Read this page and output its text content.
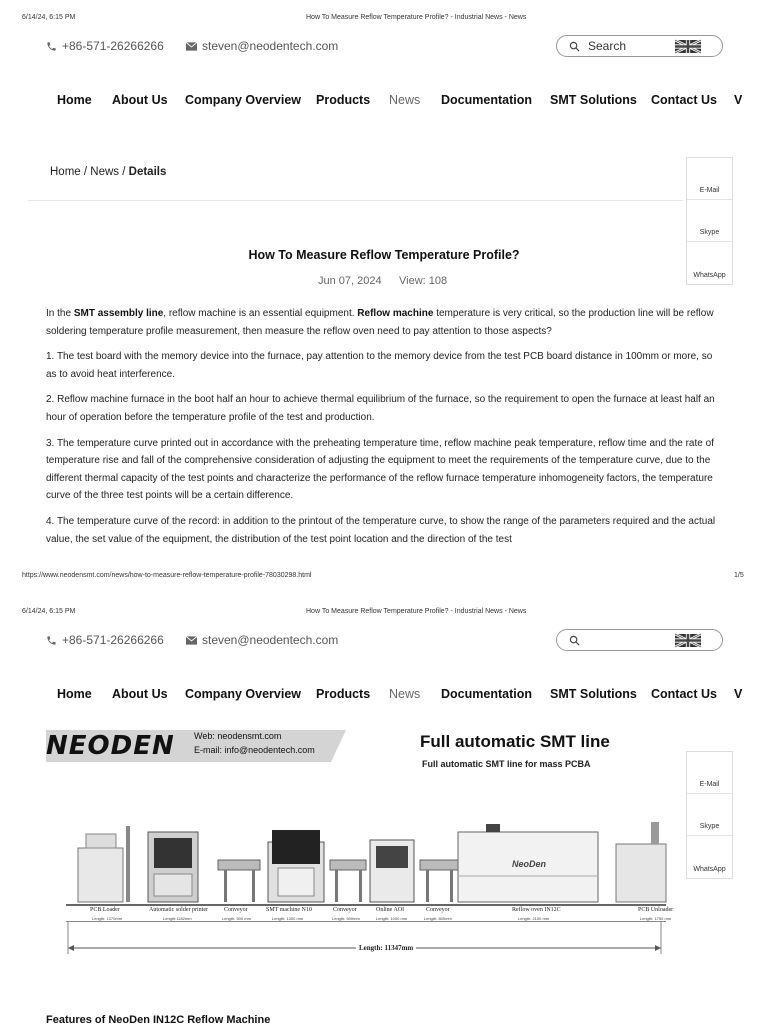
6/14/24, 6:15 PM	How To Measure Reflow Temperature Profile? - Industrial News - News
+86-571-26266266	steven@neodentech.com	Search
Home About Us Company Overview Products News Documentation SMT Solutions Contact Us V
Home / News / Details
E-Mail
Skype
WhatsApp
How To Measure Reflow Temperature Profile?
Jun 07, 2024 View: 108

In the SMT assembly line, reflow machine is an essential equipment. Reflow machine temperature is very critical, so the production line will be reflow soldering temperature profile measurement, then measure the reflow oven need to pay attention to those aspects?

1. The test board with the memory device into the furnace, pay attention to the memory device from the test PCB board distance in 100mm or more, so as to avoid heat interference.

2. Reflow machine furnace in the boot half an hour to achieve thermal equilibrium of the furnace, so the requirement to open the furnace at least half an hour of operation before the temperature profile of the test and production.

3. The temperature curve printed out in accordance with the preheating temperature time, reflow machine peak temperature, reflow time and the rate of temperature rise and fall of the comprehensive consideration of adjusting the equipment to meet the requirements of the temperature curve, due to the different thermal capacity of the test points and characterize the performance of the reflow furnace temperature inhomogeneity factors, the temperature curve of the three test points will be a certain difference.

4. The temperature curve of the record: in addition to the printout of the temperature curve, to show the range of the parameters required and the actual value, the set value of the equipment, the distribution of the test point location and the direction of the test

https://www.neodensmt.com/news/how-to-measure-reflow-temperature-profile-78030298.html	1/5
6/14/24, 6:15 PM	How To Measure Reflow Temperature Profile? - Industrial News - News
+86-571-26266266	steven@neodentech.com
Home About Us Company Overview Products News Documentation SMT Solutions Contact Us V
NEODEN Web: neodensmt.com
E-mail: info@neodentech.com	Full automatic SMT line
Full automatic SMT line for mass PCBA
NeoDen
PCB Loader	Automatic solder printer	Conveyor	SMT machine N10	Conveyor	Online AOI	Conveyor	Reflow oven IN12C	PCB Unloader
Length: 1370mm	Length:1182mm	Length: 500 mm	Length: 1300 mm	Length: 500mm	Length: 1000 mm	Length: 800mm	Length: 2100 mm	Length: 1750 mm
Length: 11347mm
E-Mail
Skype
WhatsApp
Features of NeoDen IN12C Reflow Machine
